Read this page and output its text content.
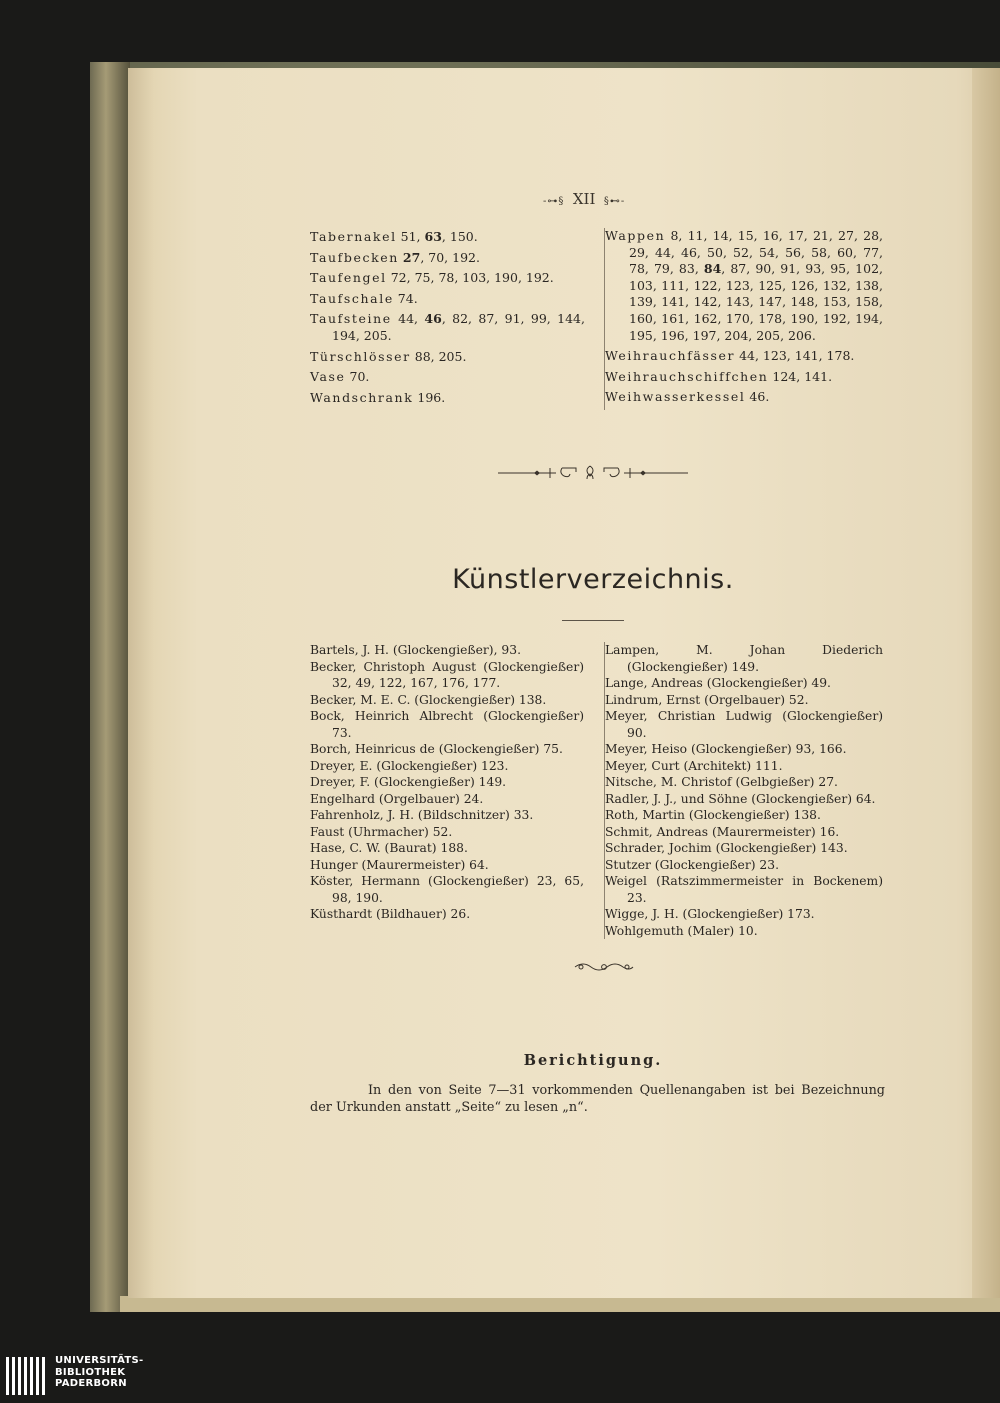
-⊶§ XII §⊷-
Tabernakel 51, 63, 150.
Taufbecken 27, 70, 192.
Taufengel 72, 75, 78, 103, 190, 192.
Taufschale 74.
Taufsteine 44, 46, 82, 87, 91, 99, 144, 194, 205.
Türschlösser 88, 205.
Vase 70.
Wandschrank 196.
Wappen 8, 11, 14, 15, 16, 17, 21, 27, 28, 29, 44, 46, 50, 52, 54, 56, 58, 60, 77, 78, 79, 83, 84, 87, 90, 91, 93, 95, 102, 103, 111, 122, 123, 125, 126, 132, 138, 139, 141, 142, 143, 147, 148, 153, 158, 160, 161, 162, 170, 178, 190, 192, 194, 195, 196, 197, 204, 205, 206.
Weihrauchfässer 44, 123, 141, 178.
Weihrauchschiffchen 124, 141.
Weihwasserkessel 46.
Künstlerverzeichnis.
Bartels, J. H. (Glockengießer), 93.
Becker, Christoph August (Glockengießer) 32, 49, 122, 167, 176, 177.
Becker, M. E. C. (Glockengießer) 138.
Bock, Heinrich Albrecht (Glockengießer) 73.
Borch, Heinricus de (Glockengießer) 75.
Dreyer, E. (Glockengießer) 123.
Dreyer, F. (Glockengießer) 149.
Engelhard (Orgelbauer) 24.
Fahrenholz, J. H. (Bildschnitzer) 33.
Faust (Uhrmacher) 52.
Hase, C. W. (Baurat) 188.
Hunger (Maurermeister) 64.
Köster, Hermann (Glockengießer) 23, 65, 98, 190.
Küsthardt (Bildhauer) 26.
Lampen, M. Johan Diederich (Glockengießer) 149.
Lange, Andreas (Glockengießer) 49.
Lindrum, Ernst (Orgelbauer) 52.
Meyer, Christian Ludwig (Glockengießer) 90.
Meyer, Heiso (Glockengießer) 93, 166.
Meyer, Curt (Architekt) 111.
Nitsche, M. Christof (Gelbgießer) 27.
Radler, J. J., und Söhne (Glockengießer) 64.
Roth, Martin (Glockengießer) 138.
Schmit, Andreas (Maurermeister) 16.
Schrader, Jochim (Glockengießer) 143.
Stutzer (Glockengießer) 23.
Weigel (Ratszimmermeister in Bockenem) 23.
Wigge, J. H. (Glockengießer) 173.
Wohlgemuth (Maler) 10.
Berichtigung.
In den von Seite 7—31 vorkommenden Quellenangaben ist bei Bezeichnung der Urkunden anstatt „Seite“ zu lesen „n“.
UNIVERSITÄTS-
BIBLIOTHEK
PADERBORN
